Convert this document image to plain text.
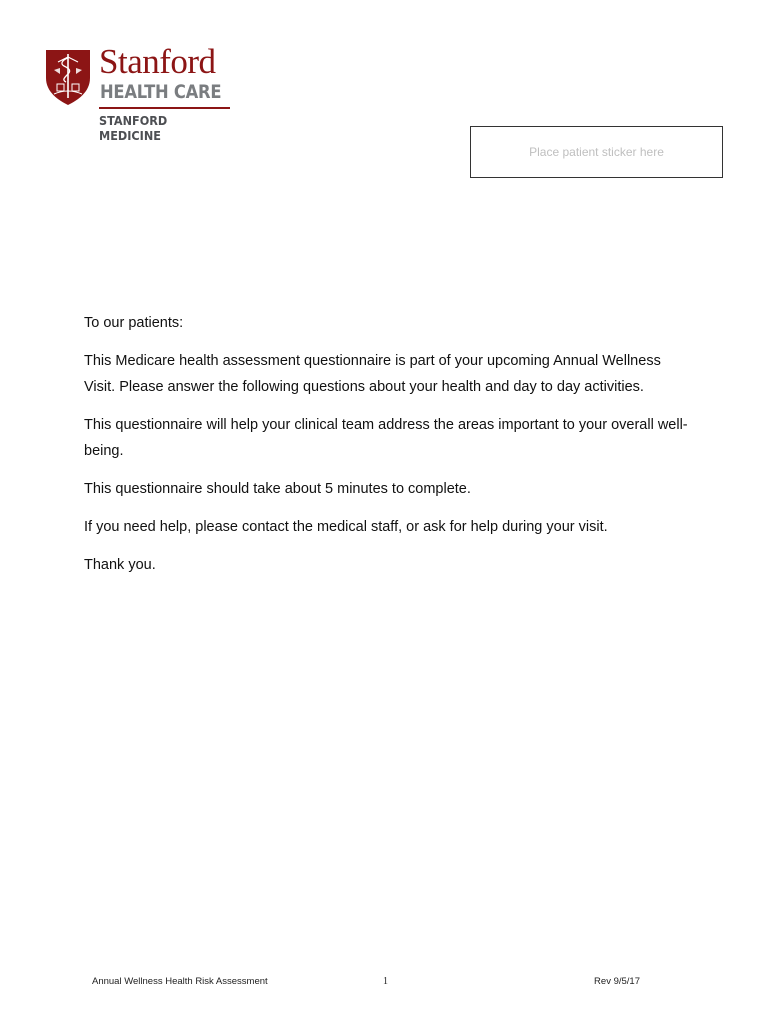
Stanford
HEALTH CARE
STANFORD MEDICINE
Place patient sticker here

To our patients:

This Medicare health assessment questionnaire is part of your upcoming Annual Wellness Visit. Please answer the following questions about your health and day to day activities.

This questionnaire will help your clinical team address the areas important to your overall well- being.

This questionnaire should take about 5 minutes to complete.

If you need help, please contact the medical staff, or ask for help during your visit.

Thank you.

Annual Wellness Health Risk Assessment	1	Rev 9/5/17
